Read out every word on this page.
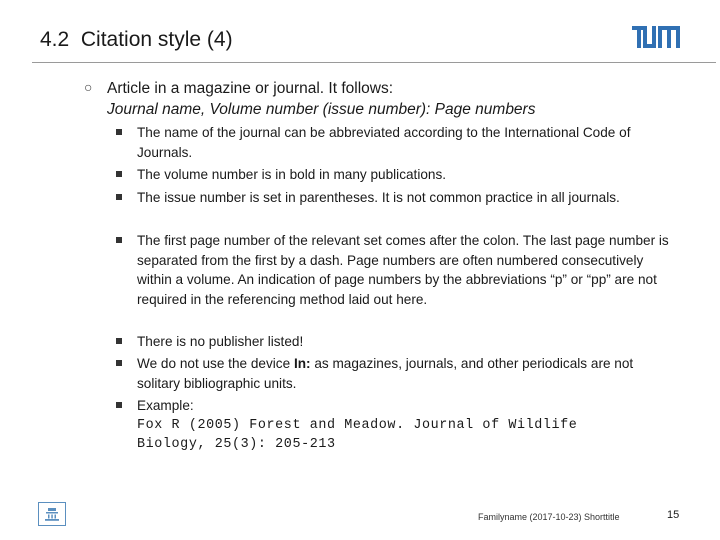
4.2  Citation style (4)
○ Article in a magazine or journal. It follows:
Journal name, Volume number (issue number): Page numbers
The name of the journal can be abbreviated according to the International Code of Journals.
The volume number is in bold in many publications.
The issue number is set in parentheses. It is not common practice in all journals.
The first page number of the relevant set comes after the colon. The last page number is separated from the first by a dash. Page numbers are often numbered consecutively within a volume. An indication of page numbers by the abbreviations “p” or “pp” are not required in the referencing method laid out here.
There is no publisher listed!
We do not use the device In: as magazines, journals, and other periodicals are not solitary bibliographic units.
Example:
Fox R (2005) Forest and Meadow. Journal of Wildlife
Biology, 25(3): 205-213
Familyname (2017-10-23) Shorttitle	15
